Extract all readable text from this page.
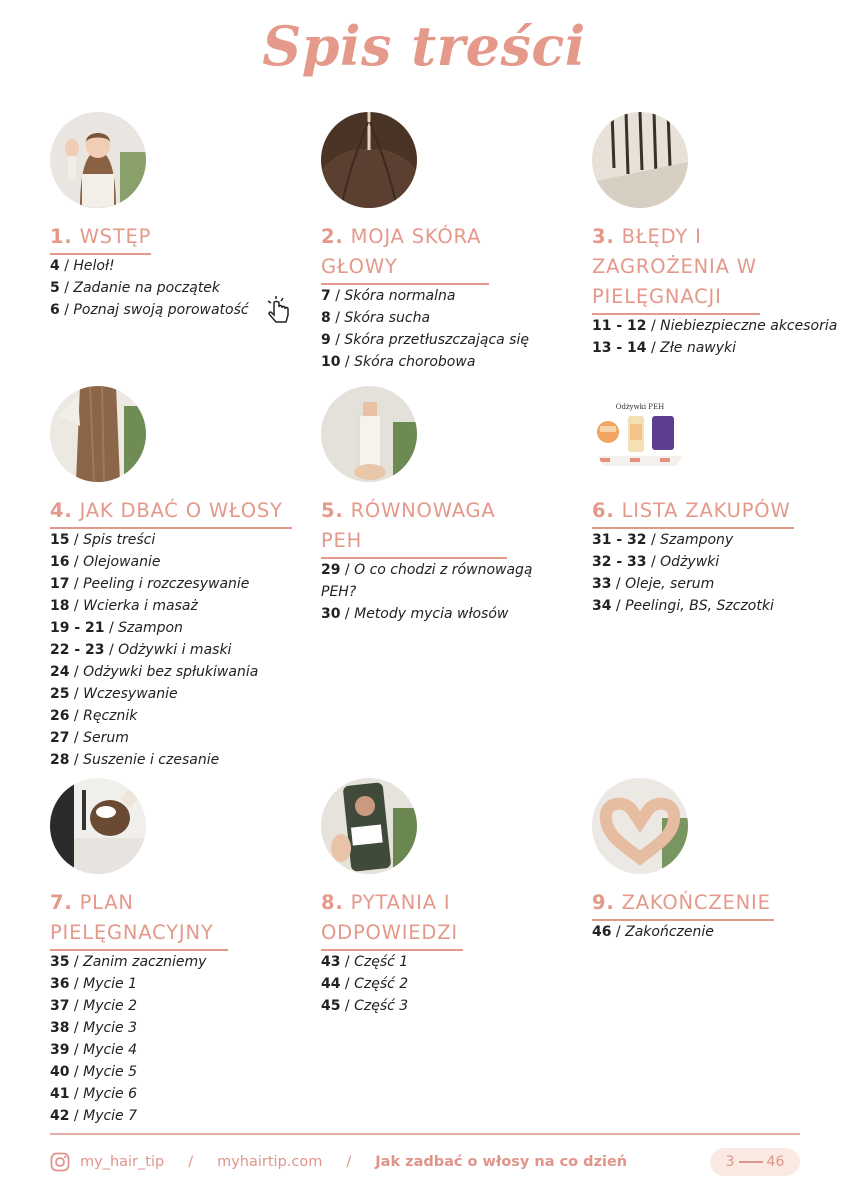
Spis treści
1. WSTĘP
4 / Heloł!
5 / Zadanie na początek
6 / Poznaj swoją porowatość
2. MOJA SKÓRA GŁOWY
7 / Skóra normalna
8 / Skóra sucha
9 / Skóra przetłuszczająca się
10 / Skóra chorobowa
3. BŁĘDY I ZAGROŻENIA W PIELĘGNACJI
11 - 12 / Niebiezpieczne akcesoria
13 - 14 / Złe nawyki
4. JAK DBAĆ O WŁOSY
15 / Spis treści
16 / Olejowanie
17 / Peeling i rozczesywanie
18 / Wcierka i masaż
19 - 21 / Szampon
22 - 23 / Odżywki i maski
24 / Odżywki bez spłukiwania
25 / Wczesywanie
26 / Ręcznik
27 / Serum
28 / Suszenie i czesanie
5. RÓWNOWAGA PEH
29 / O co chodzi z równowagą PEH?
30 / Metody mycia włosów
Odżywki PEH
6. LISTA ZAKUPÓW
31 - 32 / Szampony
32 - 33 / Odżywki
33 / Oleje, serum
34 / Peelingi, BS, Szczotki
7. PLAN PIELĘGNACYJNY
35 / Zanim zaczniemy
36 / Mycie 1
37 / Mycie 2
38 / Mycie 3
39 / Mycie 4
40 / Mycie 5
41 / Mycie 6
42 / Mycie 7
8. PYTANIA I ODPOWIEDZI
43 / Część 1
44 / Część 2
45 / Część 3
9. ZAKOŃCZENIE
46 / Zakończenie
my_hair_tip / myhairtip.com / Jak zadbać o włosy na co dzień	3 46
